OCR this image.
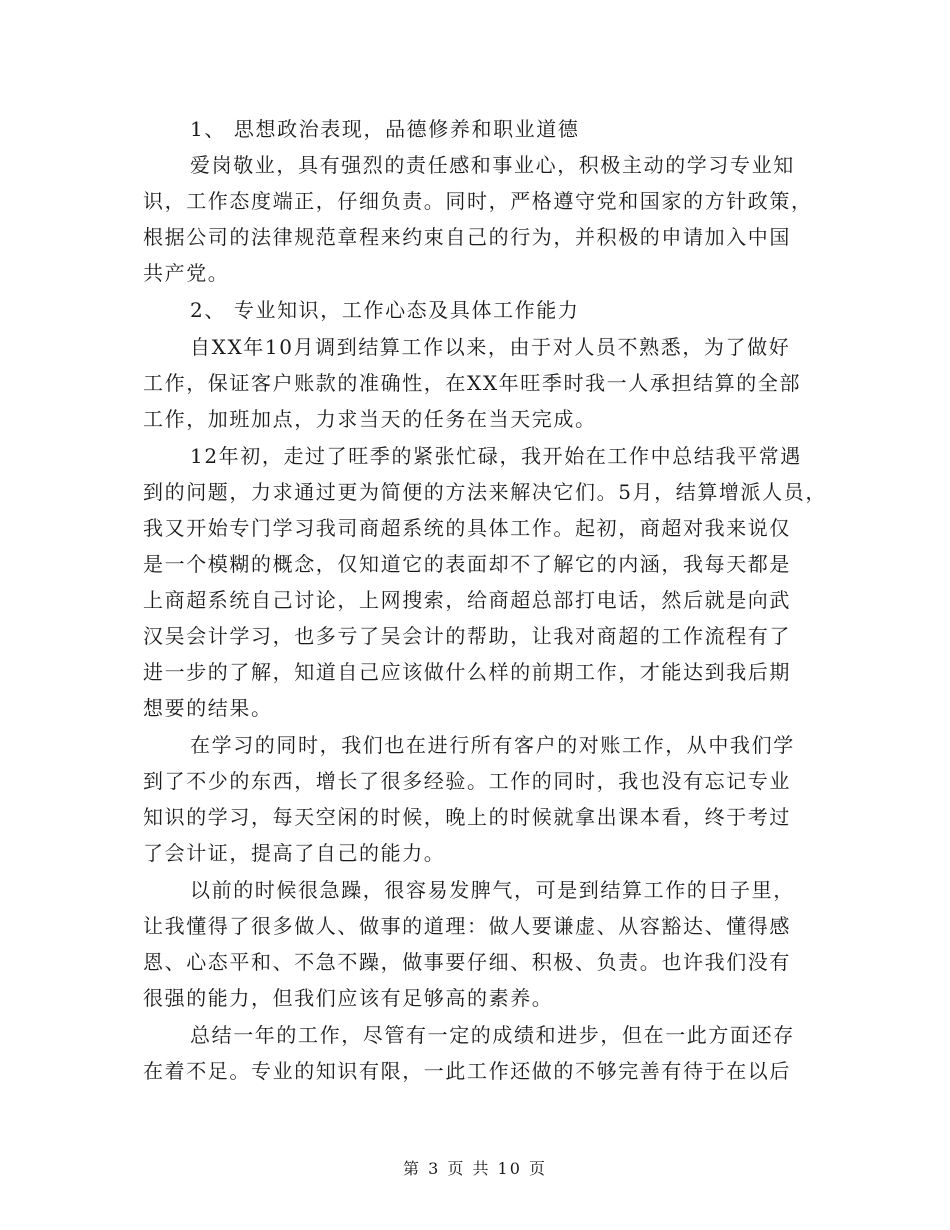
1、 思想政治表现，品德修养和职业道德
爱岗敬业，具有强烈的责任感和事业心，积极主动的学习专业知
识，工作态度端正，仔细负责。同时，严格遵守党和国家的方针政策，
根据公司的法律规范章程来约束自己的行为，并积极的申请加入中国
共产党。
2、 专业知识，工作心态及具体工作能力
自XX年10月调到结算工作以来，由于对人员不熟悉，为了做好
工作，保证客户账款的准确性，在XX年旺季时我一人承担结算的全部
工作，加班加点，力求当天的任务在当天完成。
12年初，走过了旺季的紧张忙碌，我开始在工作中总结我平常遇
到的问题，力求通过更为简便的方法来解决它们。5月，结算增派人员，
我又开始专门学习我司商超系统的具体工作。起初，商超对我来说仅
是一个模糊的概念，仅知道它的表面却不了解它的内涵，我每天都是
上商超系统自己讨论，上网搜索，给商超总部打电话，然后就是向武
汉吴会计学习，也多亏了吴会计的帮助，让我对商超的工作流程有了
进一步的了解，知道自己应该做什么样的前期工作，才能达到我后期
想要的结果。
在学习的同时，我们也在进行所有客户的对账工作，从中我们学
到了不少的东西，增长了很多经验。工作的同时，我也没有忘记专业
知识的学习，每天空闲的时候，晚上的时候就拿出课本看，终于考过
了会计证，提高了自己的能力。
以前的时候很急躁，很容易发脾气，可是到结算工作的日子里，
让我懂得了很多做人、做事的道理：做人要谦虚、从容豁达、懂得感
恩、心态平和、不急不躁，做事要仔细、积极、负责。也许我们没有
很强的能力，但我们应该有足够高的素养。
总结一年的工作，尽管有一定的成绩和进步，但在一此方面还存
在着不足。专业的知识有限，一此工作还做的不够完善有待于在以后
第 3 页 共 10 页
